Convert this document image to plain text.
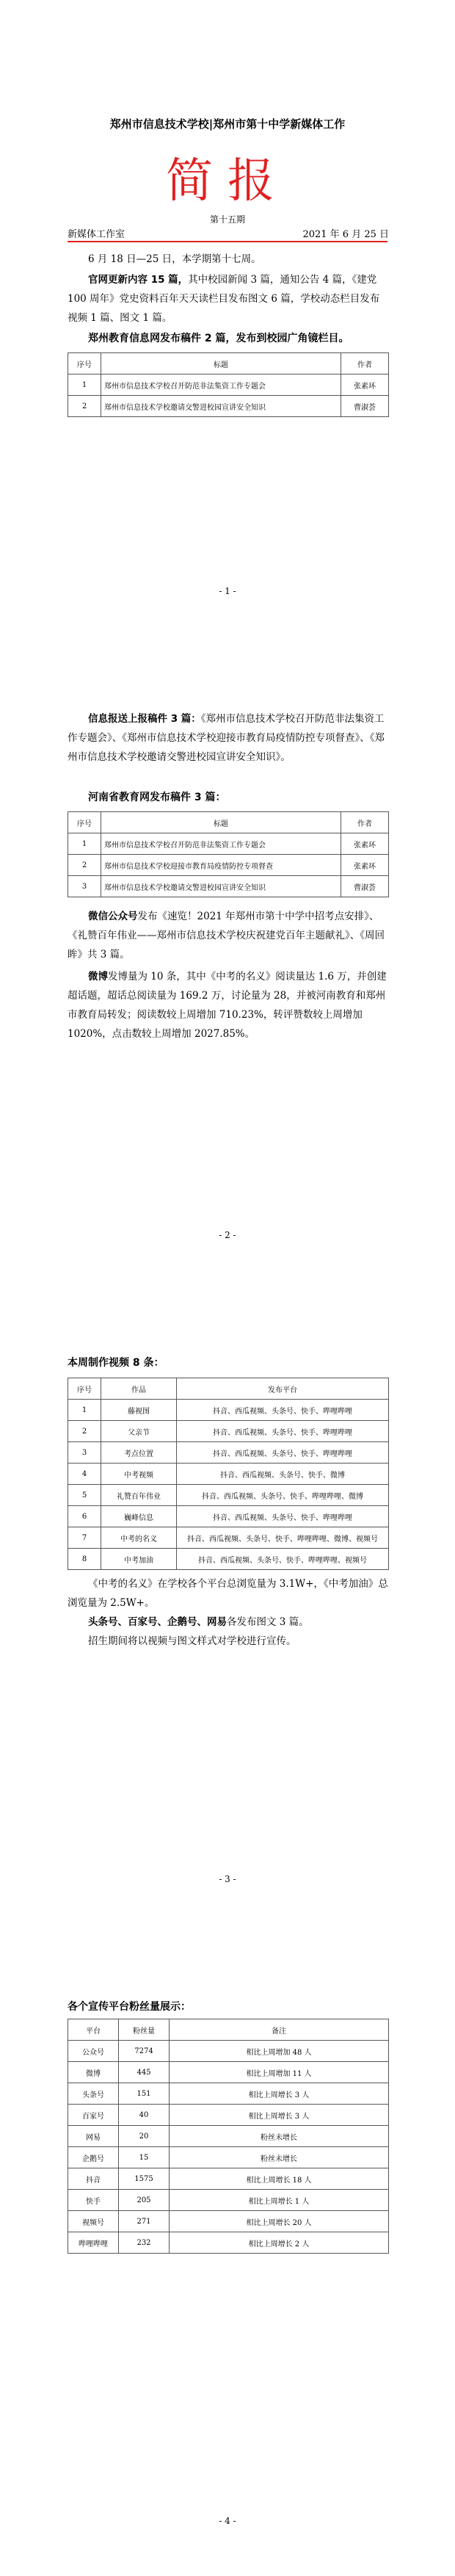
郑州市信息技术学校|郑州市第十中学新媒体工作
简报
第十五期
新媒体工作室	2021 年 6 月 25 日
6 月 18 日—25 日，本学期第十七周。
官网更新内容 15 篇，其中校园新闻 3 篇，通知公告 4 篇，《建党 100 周年》党史资料百年天天读栏目发布图文 6 篇，学校动态栏目发布视频 1 篇、图文 1 篇。
郑州教育信息网发布稿件 2 篇，发布到校园广角镜栏目。
序号	标题	作者
1	郑州市信息技术学校召开防范非法集资工作专题会	张素环
2	郑州市信息技术学校邀请交警进校园宣讲安全知识	曹淑荟
- 1 -
信息报送上报稿件 3 篇：《郑州市信息技术学校召开防范非法集资工作专题会》、《郑州市信息技术学校迎接市教育局疫情防控专项督查》、《郑州市信息技术学校邀请交警进校园宣讲安全知识》。
河南省教育网发布稿件 3 篇：
序号	标题	作者
1	郑州市信息技术学校召开防范非法集资工作专题会	张素环
2	郑州市信息技术学校迎接市教育局疫情防控专项督查	张素环
3	郑州市信息技术学校邀请交警进校园宣讲安全知识	曹淑荟
微信公众号发布《速览！2021 年郑州市第十中学中招考点安排》、《礼赞百年伟业——郑州市信息技术学校庆祝建党百年主题献礼》、《周回眸》共 3 篇。
微博发博量为 10 条，其中《中考的名义》阅读量达 1.6 万，并创建超话题，超话总阅读量为 169.2 万，讨论量为 28，并被河南教育和郑州市教育局转发；阅读数较上周增加 710.23%，转评赞数较上周增加 1020%，点击数较上周增加 2027.85%。
- 2 -
本周制作视频 8 条：
序号	作品	发布平台
1	藤视图	抖音、西瓜视频、头条号、快手、哔哩哔哩
2	父亲节	抖音、西瓜视频、头条号、快手、哔哩哔哩
3	考点位置	抖音、西瓜视频、头条号、快手、哔哩哔哩
4	中考视频	抖音、西瓜视频、头条号、快手、微博
5	礼赞百年伟业	抖音、西瓜视频、头条号、快手、哔哩哔哩、微博
6	巍峰信息	抖音、西瓜视频、头条号、快手、哔哩哔哩
7	中考的名义	抖音、西瓜视频、头条号、快手、哔哩哔哩、微博、视频号
8	中考加油	抖音、西瓜视频、头条号、快手、哔哩哔哩、视频号
《中考的名义》在学校各个平台总浏览量为 3.1W+，《中考加油》总浏览量为 2.5W+。
头条号、百家号、企鹅号、网易各发布图文 3 篇。
招生期间将以视频与图文样式对学校进行宣传。
- 3 -
各个宣传平台粉丝量展示：
平台	粉丝量	备注
公众号	7274	相比上周增加 48 人
微博	445	相比上周增加 11 人
头条号	151	相比上周增长 3 人
百家号	40	相比上周增长 3 人
网易	20	粉丝未增长
企鹅号	15	粉丝未增长
抖音	1575	相比上周增长 18 人
快手	205	相比上周增长 1 人
视频号	271	相比上周增长 20 人
哔哩哔哩	232	相比上周增长 2 人
- 4 -
